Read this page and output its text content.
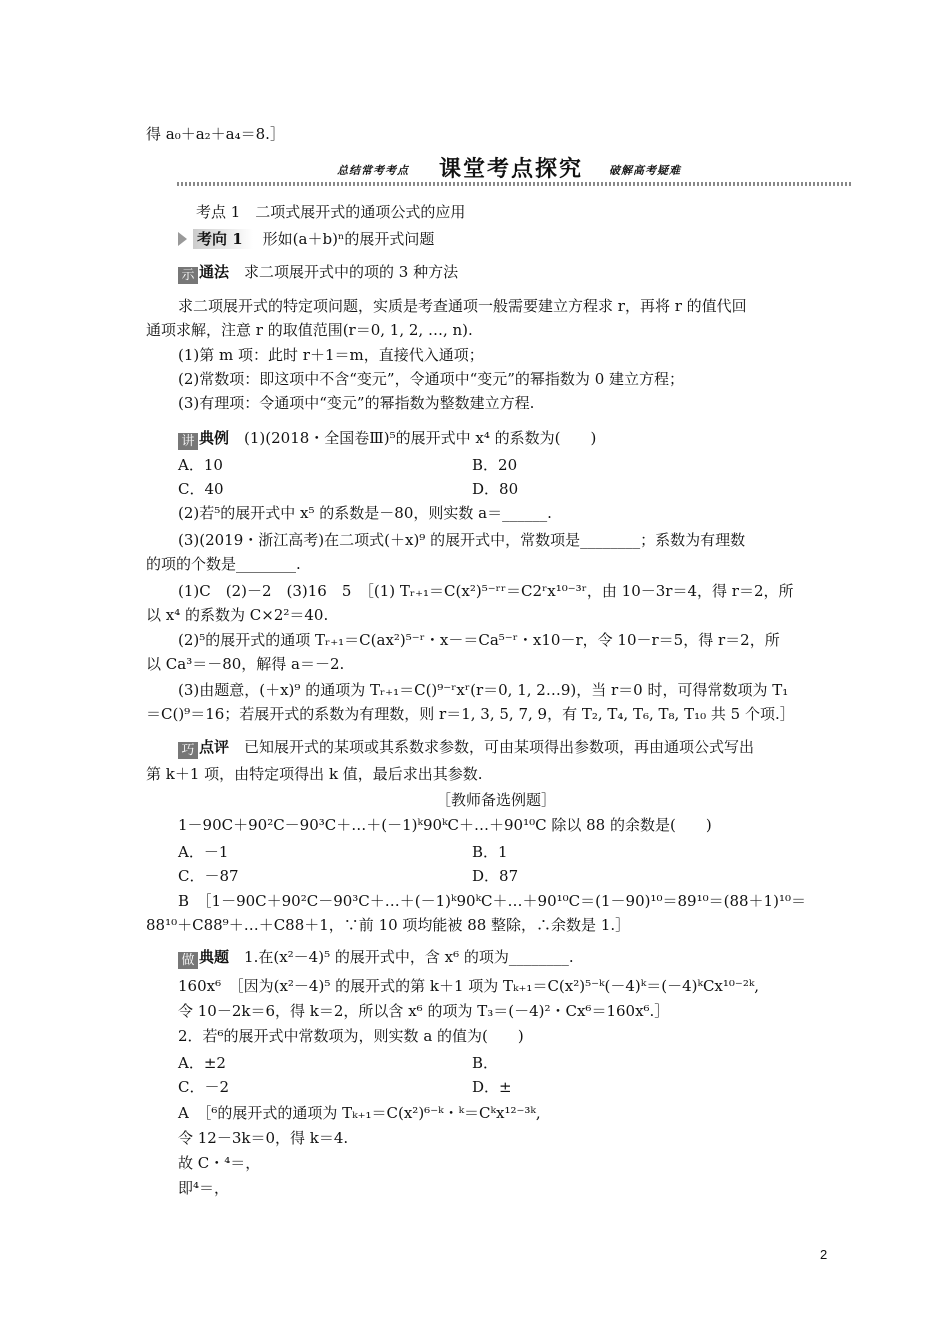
得 a₀＋a₂＋a₄＝8.］
总结常考考点 课堂考点探究 破解高考疑难
考点 1　二项式展开式的通项公式的应用
考向 1 形如(a＋b)ⁿ的展开式问题
示 通法　 求二项展开式中的项的 3 种方法
求二项展开式的特定项问题，实质是考查通项一般需要建立方程求 r，再将 r 的值代回
通项求解，注意 r 的取值范围(r＝0, 1, 2, …, n).
(1)第 m 项：此时 r＋1＝m，直接代入通项；
(2)常数项：即这项中不含“变元”，令通项中“变元”的幂指数为 0 建立方程；
(3)有理项：令通项中“变元”的幂指数为整数建立方程.
讲 典例　 (1)(2018・全国卷Ⅲ)⁵的展开式中 x⁴ 的系数为(　　)
A．10	B．20
C．40	D．80
(2)若⁵的展开式中 x⁵ 的系数是－80，则实数 a＝______.
(3)(2019・浙江高考)在二项式(＋x)⁹ 的展开式中，常数项是________；系数为有理数
的项的个数是________.
(1)C　(2)－2　(3)16　5　［(1) Tᵣ₊₁＝C(x²)⁵⁻ʳʳ＝C2ʳx¹⁰⁻³ʳ，由 10－3r＝4，得 r＝2，所
以 x⁴ 的系数为 C×2²＝40.
(2)⁵的展开式的通项 Tᵣ₊₁＝C(ax²)⁵⁻ʳ・x－＝Ca⁵⁻ʳ・x10－r，令 10－r＝5，得 r＝2，所
以 Ca³＝－80，解得 a＝－2.
(3)由题意，(＋x)⁹ 的通项为 Tᵣ₊₁＝C()⁹⁻ʳxʳ(r＝0, 1, 2…9)，当 r＝0 时，可得常数项为 T₁
＝C()⁹＝16；若展开式的系数为有理数，则 r＝1, 3, 5, 7, 9，有 T₂, T₄, T₆, T₈, T₁₀ 共 5 个项.］
巧 点评　 已知展开式的某项或其系数求参数，可由某项得出参数项，再由通项公式写出
第 k＋1 项，由特定项得出 k 值，最后求出其参数.
［教师备选例题］
1－90C＋90²C－90³C＋…＋(－1)ᵏ90ᵏC＋…＋90¹⁰C 除以 88 的余数是(　　)
A．－1	B．1
C．－87	D．87
B　［1－90C＋90²C－90³C＋…＋(－1)ᵏ90ᵏC＋…＋90¹⁰C＝(1－90)¹⁰＝89¹⁰＝(88＋1)¹⁰＝
88¹⁰＋C88⁹＋…＋C88＋1，∵前 10 项均能被 88 整除，∴余数是 1.］
做 典题　 1.在(x²－4)⁵ 的展开式中，含 x⁶ 的项为________.
160x⁶　［因为(x²－4)⁵ 的展开式的第 k＋1 项为 Tₖ₊₁＝C(x²)⁵⁻ᵏ(－4)ᵏ＝(－4)ᵏCx¹⁰⁻²ᵏ,
令 10－2k＝6，得 k＝2，所以含 x⁶ 的项为 T₃＝(－4)²・Cx⁶＝160x⁶.］
2．若⁶的展开式中常数项为，则实数 a 的值为(　　)
A．±2	B．
C．－2	D．±
A　［⁶的展开式的通项为 Tₖ₊₁＝C(x²)⁶⁻ᵏ・ᵏ＝Cᵏx¹²⁻³ᵏ,
令 12－3k＝0，得 k＝4.
故 C・⁴＝，
即⁴＝，
2
